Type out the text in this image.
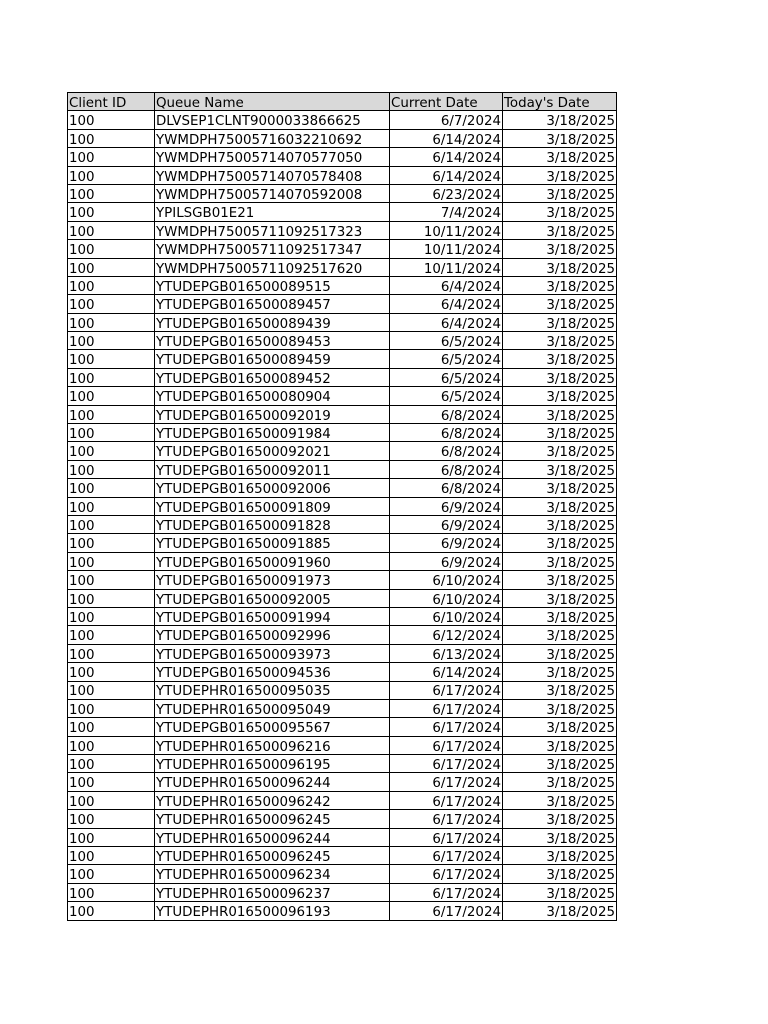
Client ID	Queue Name	Current Date	Today's Date
100	DLVSEP1CLNT9000033866625	6/7/2024	3/18/2025
100	YWMDPH75005716032210692	6/14/2024	3/18/2025
100	YWMDPH75005714070577050	6/14/2024	3/18/2025
100	YWMDPH75005714070578408	6/14/2024	3/18/2025
100	YWMDPH75005714070592008	6/23/2024	3/18/2025
100	YPILSGB01E21	7/4/2024	3/18/2025
100	YWMDPH75005711092517323	10/11/2024	3/18/2025
100	YWMDPH75005711092517347	10/11/2024	3/18/2025
100	YWMDPH75005711092517620	10/11/2024	3/18/2025
100	YTUDEPGB016500089515	6/4/2024	3/18/2025
100	YTUDEPGB016500089457	6/4/2024	3/18/2025
100	YTUDEPGB016500089439	6/4/2024	3/18/2025
100	YTUDEPGB016500089453	6/5/2024	3/18/2025
100	YTUDEPGB016500089459	6/5/2024	3/18/2025
100	YTUDEPGB016500089452	6/5/2024	3/18/2025
100	YTUDEPGB016500080904	6/5/2024	3/18/2025
100	YTUDEPGB016500092019	6/8/2024	3/18/2025
100	YTUDEPGB016500091984	6/8/2024	3/18/2025
100	YTUDEPGB016500092021	6/8/2024	3/18/2025
100	YTUDEPGB016500092011	6/8/2024	3/18/2025
100	YTUDEPGB016500092006	6/8/2024	3/18/2025
100	YTUDEPGB016500091809	6/9/2024	3/18/2025
100	YTUDEPGB016500091828	6/9/2024	3/18/2025
100	YTUDEPGB016500091885	6/9/2024	3/18/2025
100	YTUDEPGB016500091960	6/9/2024	3/18/2025
100	YTUDEPGB016500091973	6/10/2024	3/18/2025
100	YTUDEPGB016500092005	6/10/2024	3/18/2025
100	YTUDEPGB016500091994	6/10/2024	3/18/2025
100	YTUDEPGB016500092996	6/12/2024	3/18/2025
100	YTUDEPGB016500093973	6/13/2024	3/18/2025
100	YTUDEPGB016500094536	6/14/2024	3/18/2025
100	YTUDEPHR016500095035	6/17/2024	3/18/2025
100	YTUDEPHR016500095049	6/17/2024	3/18/2025
100	YTUDEPGB016500095567	6/17/2024	3/18/2025
100	YTUDEPHR016500096216	6/17/2024	3/18/2025
100	YTUDEPHR016500096195	6/17/2024	3/18/2025
100	YTUDEPHR016500096244	6/17/2024	3/18/2025
100	YTUDEPHR016500096242	6/17/2024	3/18/2025
100	YTUDEPHR016500096245	6/17/2024	3/18/2025
100	YTUDEPHR016500096244	6/17/2024	3/18/2025
100	YTUDEPHR016500096245	6/17/2024	3/18/2025
100	YTUDEPHR016500096234	6/17/2024	3/18/2025
100	YTUDEPHR016500096237	6/17/2024	3/18/2025
100	YTUDEPHR016500096193	6/17/2024	3/18/2025
